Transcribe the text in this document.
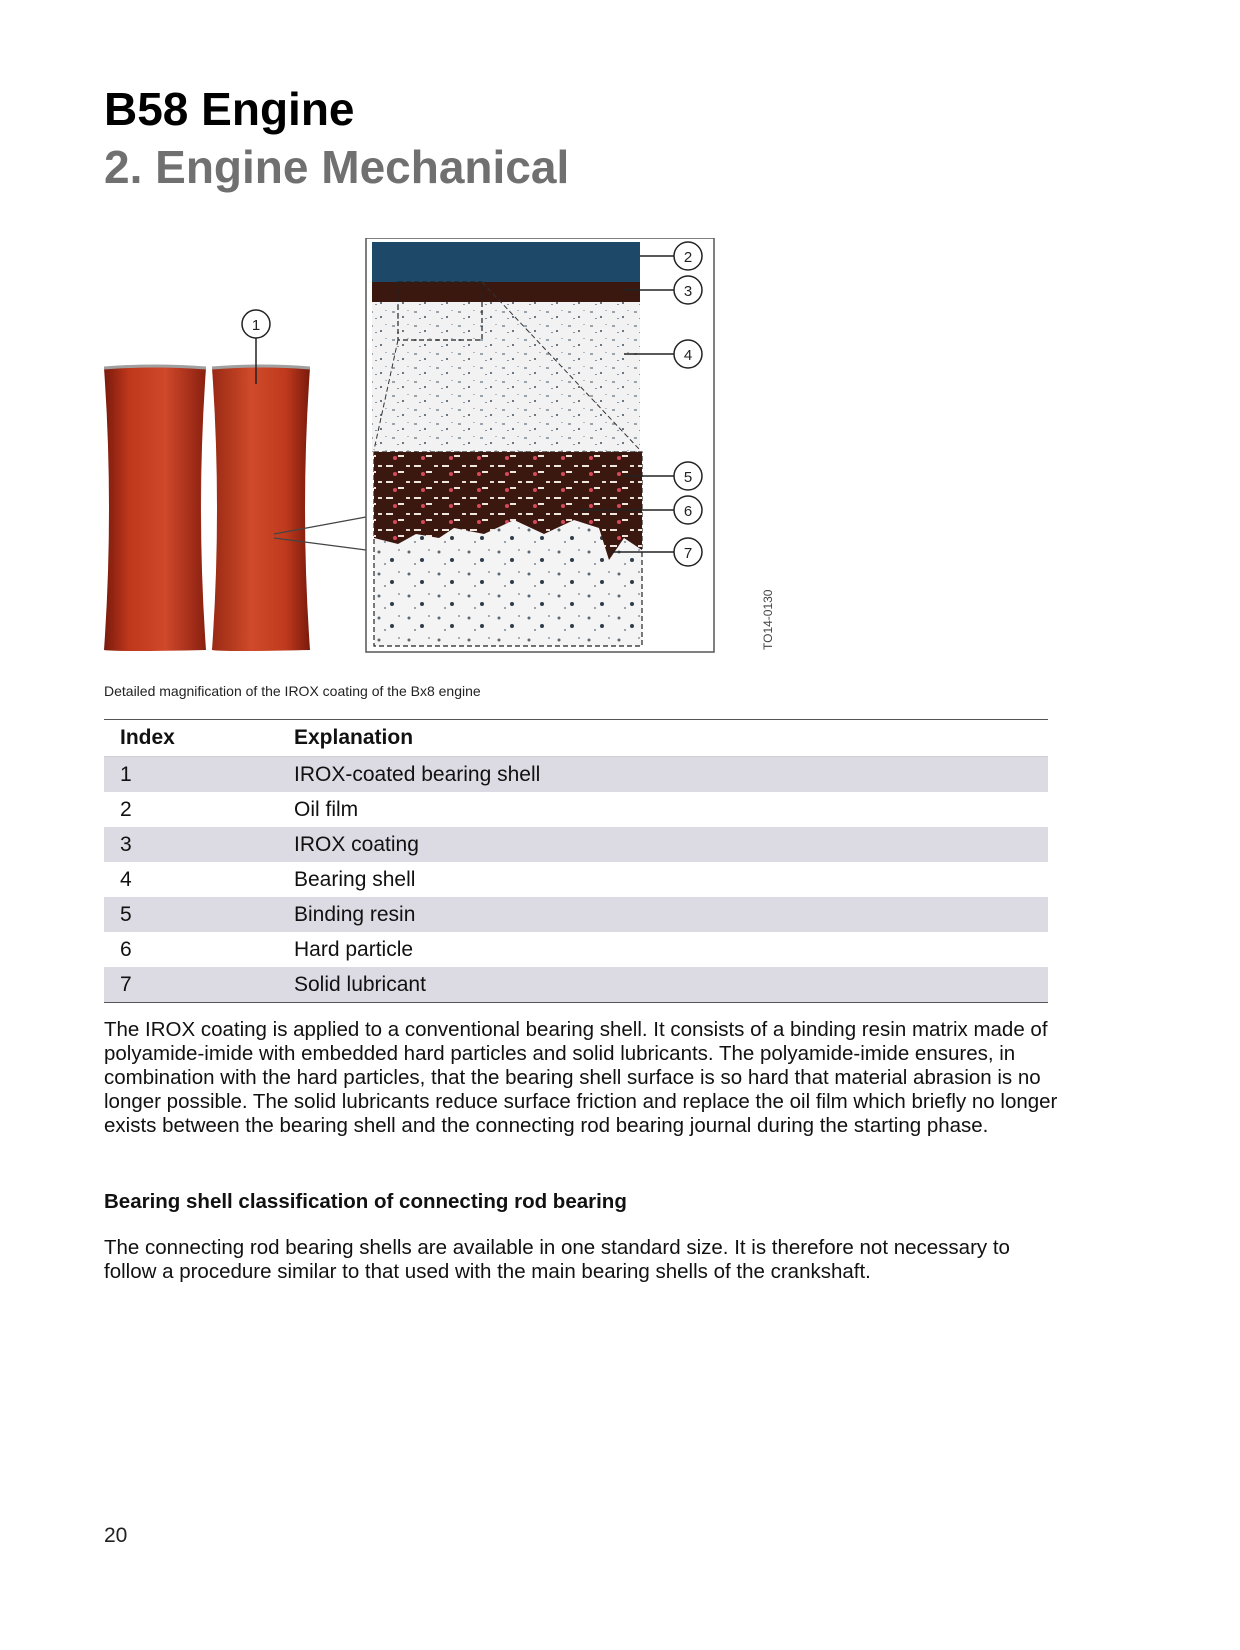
B58 Engine
2. Engine Mechanical
1
2
3
4
5
6
7
TO14-0130
Detailed magnification of the IROX coating of the Bx8 engine
Index	Explanation
1	IROX-coated bearing shell
2	Oil film
3	IROX coating
4	Bearing shell
5	Binding resin
6	Hard particle
7	Solid lubricant

The IROX coating is applied to a conventional bearing shell. It consists of a binding resin matrix made of polyamide-imide with embedded hard particles and solid lubricants. The polyamide-imide ensures, in combination with the hard particles, that the bearing shell surface is so hard that material abrasion is no longer possible. The solid lubricants reduce surface friction and replace the oil film which briefly no longer exists between the bearing shell and the connecting rod bearing journal during the starting phase.

Bearing shell classification of connecting rod bearing

The connecting rod bearing shells are available in one standard size. It is therefore not necessary to follow a procedure similar to that used with the main bearing shells of the crankshaft.

20
